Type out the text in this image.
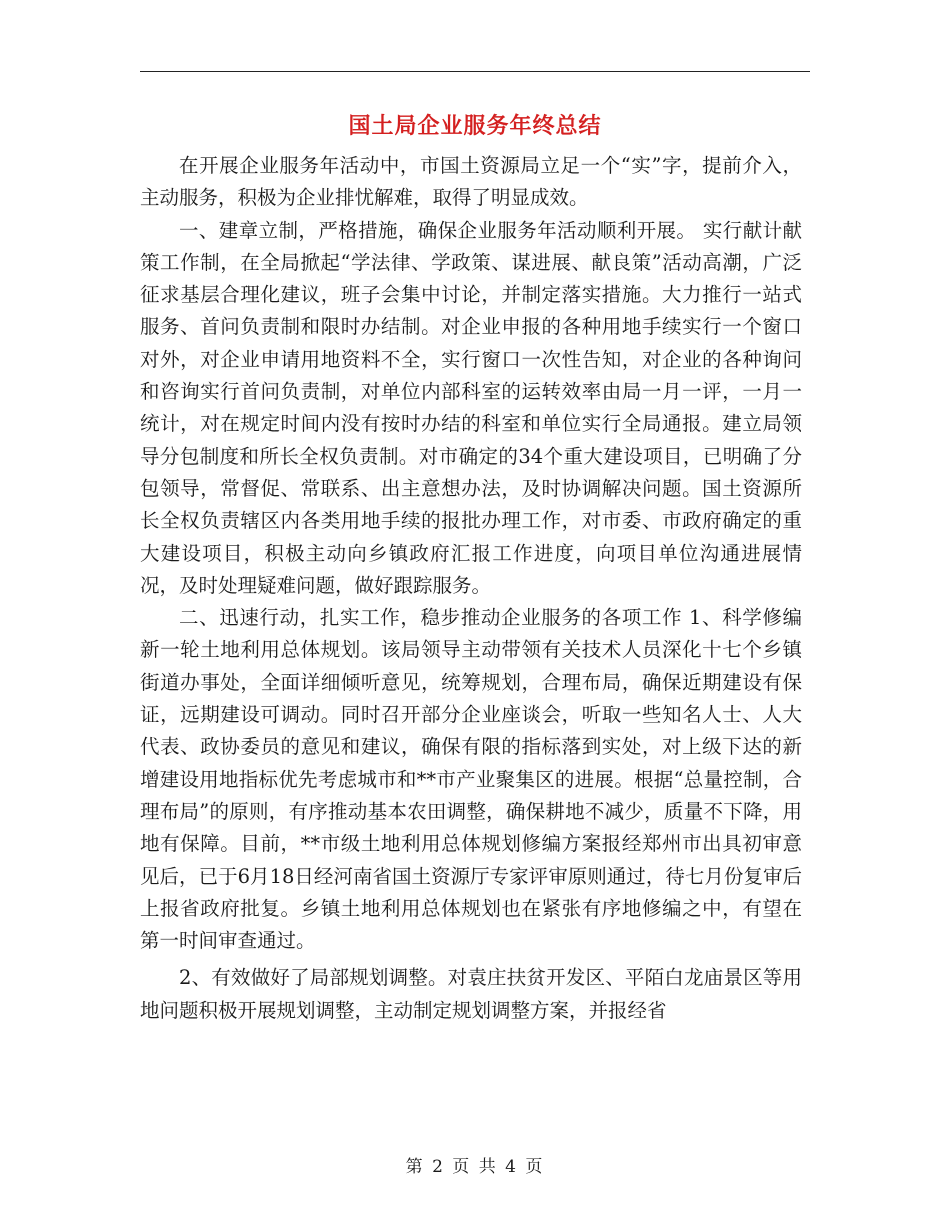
国土局企业服务年终总结

在开展企业服务年活动中，市国土资源局立足一个“实”字，提前介入，主动服务，积极为企业排忧解难，取得了明显成效。

一、建章立制，严格措施，确保企业服务年活动顺利开展。 实行献计献策工作制，在全局掀起“学法律、学政策、谋进展、献良策”活动高潮，广泛征求基层合理化建议，班子会集中讨论，并制定落实措施。大力推行一站式服务、首问负责制和限时办结制。对企业申报的各种用地手续实行一个窗口对外，对企业申请用地资料不全，实行窗口一次性告知，对企业的各种询问和咨询实行首问负责制，对单位内部科室的运转效率由局一月一评，一月一统计，对在规定时间内没有按时办结的科室和单位实行全局通报。建立局领导分包制度和所长全权负责制。对市确定的34个重大建设项目，已明确了分包领导，常督促、常联系、出主意想办法，及时协调解决问题。国土资源所长全权负责辖区内各类用地手续的报批办理工作，对市委、市政府确定的重大建设项目，积极主动向乡镇政府汇报工作进度，向项目单位沟通进展情况，及时处理疑难问题，做好跟踪服务。

二、迅速行动，扎实工作，稳步推动企业服务的各项工作 1、科学修编新一轮土地利用总体规划。该局领导主动带领有关技术人员深化十七个乡镇街道办事处，全面详细倾听意见，统筹规划，合理布局，确保近期建设有保证，远期建设可调动。同时召开部分企业座谈会，听取一些知名人士、人大代表、政协委员的意见和建议，确保有限的指标落到实处，对上级下达的新增建设用地指标优先考虑城市和**市产业聚集区的进展。根据“总量控制，合理布局”的原则，有序推动基本农田调整，确保耕地不减少，质量不下降，用地有保障。目前，**市级土地利用总体规划修编方案报经郑州市出具初审意见后，已于6月18日经河南省国土资源厅专家评审原则通过，待七月份复审后上报省政府批复。乡镇土地利用总体规划也在紧张有序地修编之中，有望在第一时间审查通过。

2、有效做好了局部规划调整。对袁庄扶贫开发区、平陌白龙庙景区等用地问题积极开展规划调整，主动制定规划调整方案，并报经省

第 2 页 共 4 页
